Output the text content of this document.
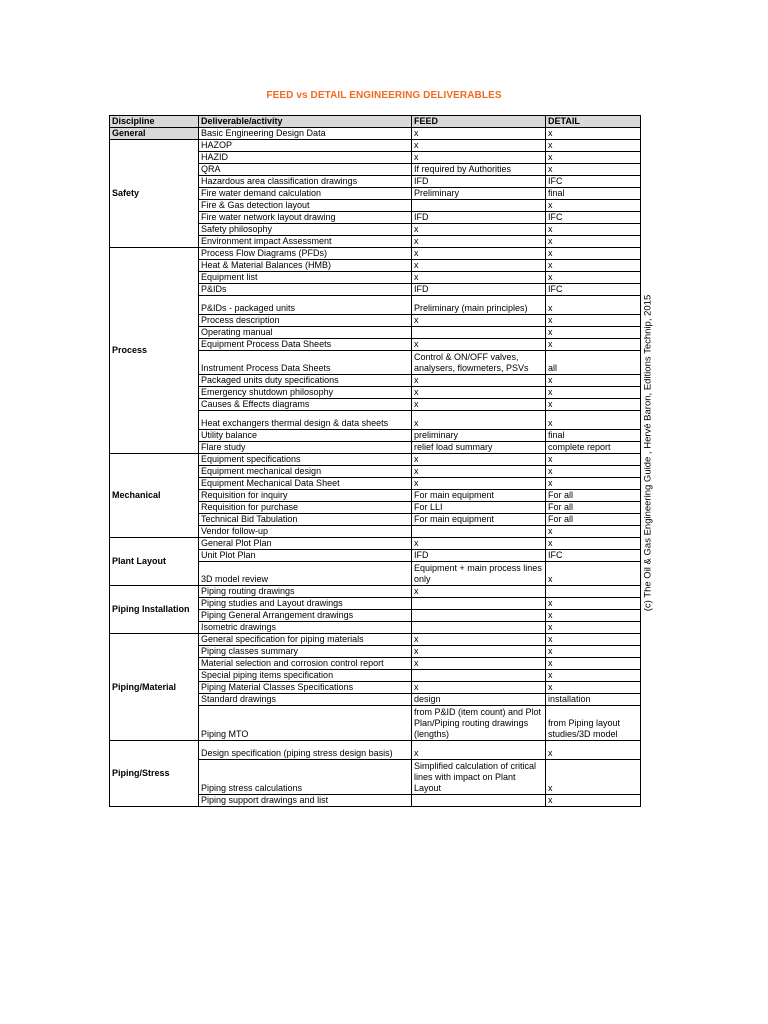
FEED vs DETAIL ENGINEERING DELIVERABLES
Discipline	Deliverable/activity	FEED	DETAIL
General	Basic Engineering Design Data	x	x
Safety	HAZOP	x	x
	HAZID	x	x
	QRA	If required by Authorities	x
	Hazardous area classification drawings	IFD	IFC
	Fire water demand calculation	Preliminary	final
	Fire & Gas detection layout		x
	Fire water network layout drawing	IFD	IFC
	Safety philosophy	x	x
	Environment impact Assessment	x	x
Process	Process Flow Diagrams (PFDs)	x	x
	Heat & Material Balances (HMB)	x	x
	Equipment list	x	x
	P&IDs	IFD	IFC
	P&IDs - packaged units	Preliminary (main principles)	x
	Process description	x	x
	Operating manual		x
	Equipment Process Data Sheets	x	x
	Instrument Process Data Sheets	Control & ON/OFF valves, analysers, flowmeters, PSVs	all
	Packaged units duty specifications	x	x
	Emergency shutdown philosophy	x	x
	Causes & Effects diagrams	x	x
	Heat exchangers thermal design & data sheets	x	x
	Utility balance	preliminary	final
	Flare study	relief load summary	complete report
Mechanical	Equipment specifications	x	x
	Equipment mechanical design	x	x
	Equipment Mechanical Data Sheet	x	x
	Requisition for inquiry	For main equipment	For all
	Requisition for purchase	For LLI	For all
	Technical Bid Tabulation	For main equipment	For all
	Vendor follow-up		x
Plant Layout	General Plot Plan	x	x
	Unit Plot Plan	IFD	IFC
	3D model review	Equipment + main process lines only	x
Piping Installation	Piping routing drawings	x	
	Piping studies and Layout drawings		x
	Piping General Arrangement drawings		x
	Isometric drawings		x
Piping/Material	General specification for piping materials	x	x
	Piping classes summary	x	x
	Material selection and corrosion control report	x	x
	Special piping items specification		x
	Piping Material Classes Specifications	x	x
	Standard drawings	design	installation
	Piping MTO	from P&ID (item count) and Plot Plan/Piping routing drawings (lengths)	from Piping layout studies/3D model
Piping/Stress	Design specification (piping stress design basis)	x	x
	Piping stress calculations	Simplified calculation of critical lines with impact on Plant Layout	x
	Piping support drawings and list		x
(c) The Oil & Gas Engineering Guide , Hervé Baron, Editions Technip, 2015
